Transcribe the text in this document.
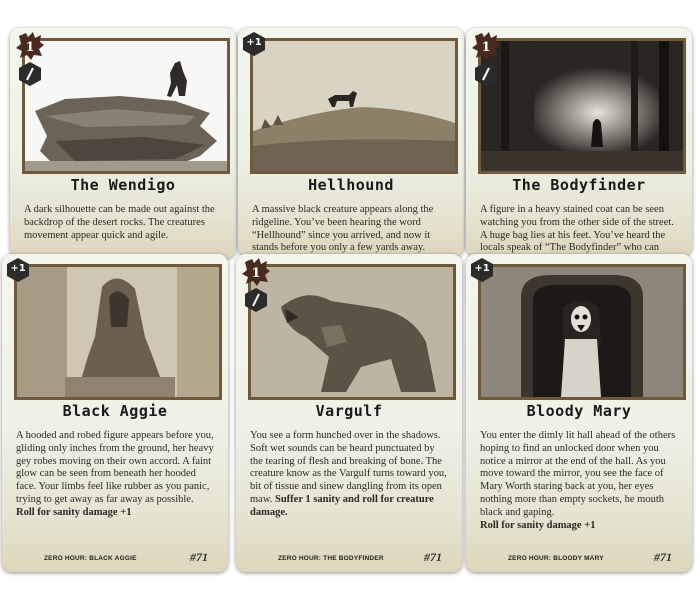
1
The Wendigo
A dark silhouette can be made out against the backdrop of the desert rocks. The creatures movement appear quick and agile.
+1
Hellhound
A massive black creature appears along the ridgeline. You’ve been hearing the word “Hellhound” since you arrived, and now it stands before you only a few yards away.
1
The Bodyfinder
A figure in a heavy stained coat can be seen watching you from the other side of the street. A huge bag lies at his feet. You’ve heard the locals speak of “The Bodyfinder” who can
+1
Black Aggie
A hooded and robed figure appears before you, gliding only inches from the ground, her heavy gey robes moving on their own accord. A faint glow can be seen from beneath her hooded face. Your limbs feel like rubber as you panic, trying to get away as far away as possible.
Roll for sanity damage +1
ZERO HOUR: BLACK AGGIE	#71
1
Vargulf
You see a form hunched over in the shadows. Soft wet sounds can be heard punctuated by the tearing of flesh and breaking of bone. The creature know as the Vargulf turns toward you, bit of tissue and sinew dangling from its open maw. Suffer 1 sanity and roll for creature damage.
ZERO HOUR: THE BODYFINDER	#71
+1
Bloody Mary
You enter the dimly lit hall ahead of the others hoping to find an unlocked door when you notice a mirror at the end of the hall. As you move toward the mirror, you see the face of Mary Worth staring back at you, her eyes nothing more than empty sockets, he mouth black and gaping.
Roll for sanity damage +1
ZERO HOUR: BLOODY MARY	#71
